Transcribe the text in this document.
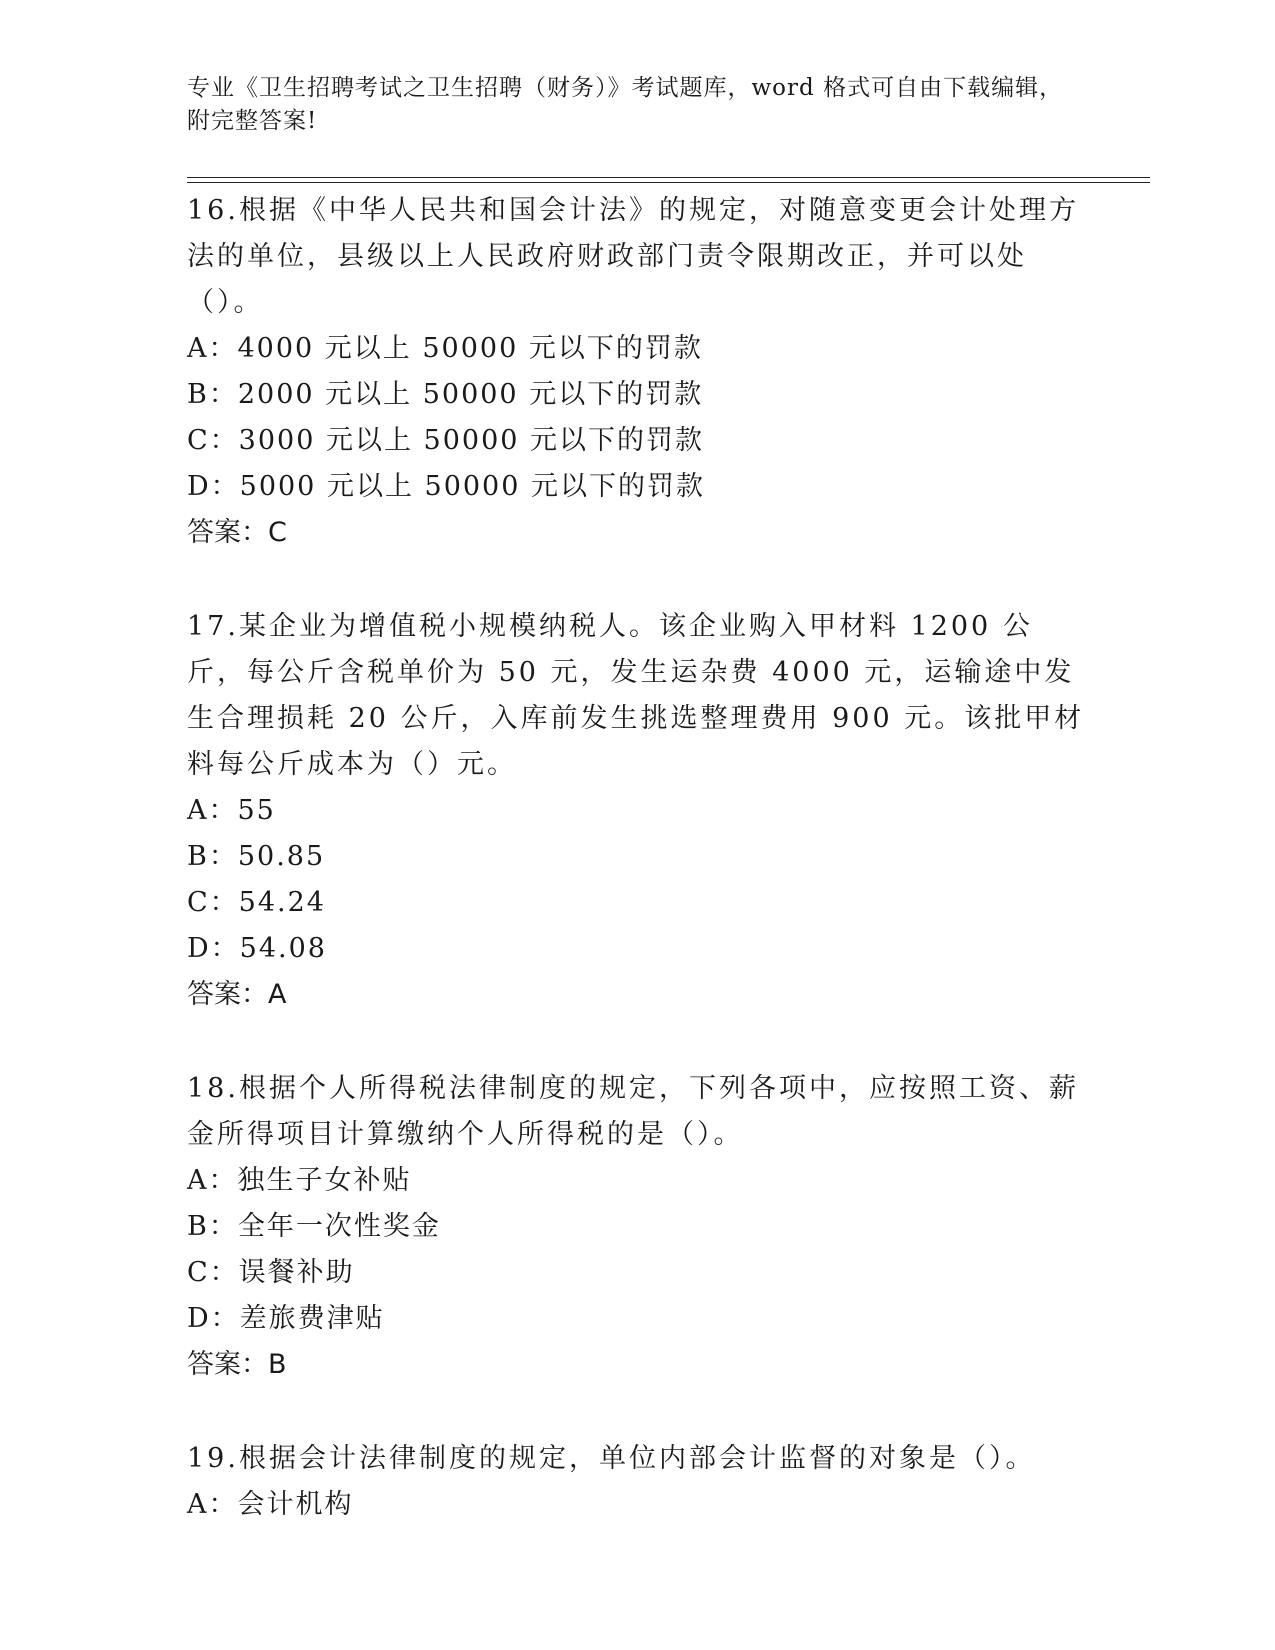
专业《卫生招聘考试之卫生招聘（财务）》考试题库，word 格式可自由下载编辑，附完整答案!

16.根据《中华人民共和国会计法》的规定，对随意变更会计处理方法的单位，县级以上人民政府财政部门责令限期改正，并可以处（）。

A：4000 元以上 50000 元以下的罚款

B：2000 元以上 50000 元以下的罚款

C：3000 元以上 50000 元以下的罚款

D：5000 元以上 50000 元以下的罚款

答案：C

17.某企业为增值税小规模纳税人。该企业购入甲材料 1200 公斤，每公斤含税单价为 50 元，发生运杂费 4000 元，运输途中发生合理损耗 20 公斤，入库前发生挑选整理费用 900 元。该批甲材料每公斤成本为（）元。

A：55

B：50.85

C：54.24

D：54.08

答案：A

18.根据个人所得税法律制度的规定，下列各项中，应按照工资、薪金所得项目计算缴纳个人所得税的是（）。

A：独生子女补贴

B：全年一次性奖金

C：误餐补助

D：差旅费津贴

答案：B

19.根据会计法律制度的规定，单位内部会计监督的对象是（）。

A：会计机构
